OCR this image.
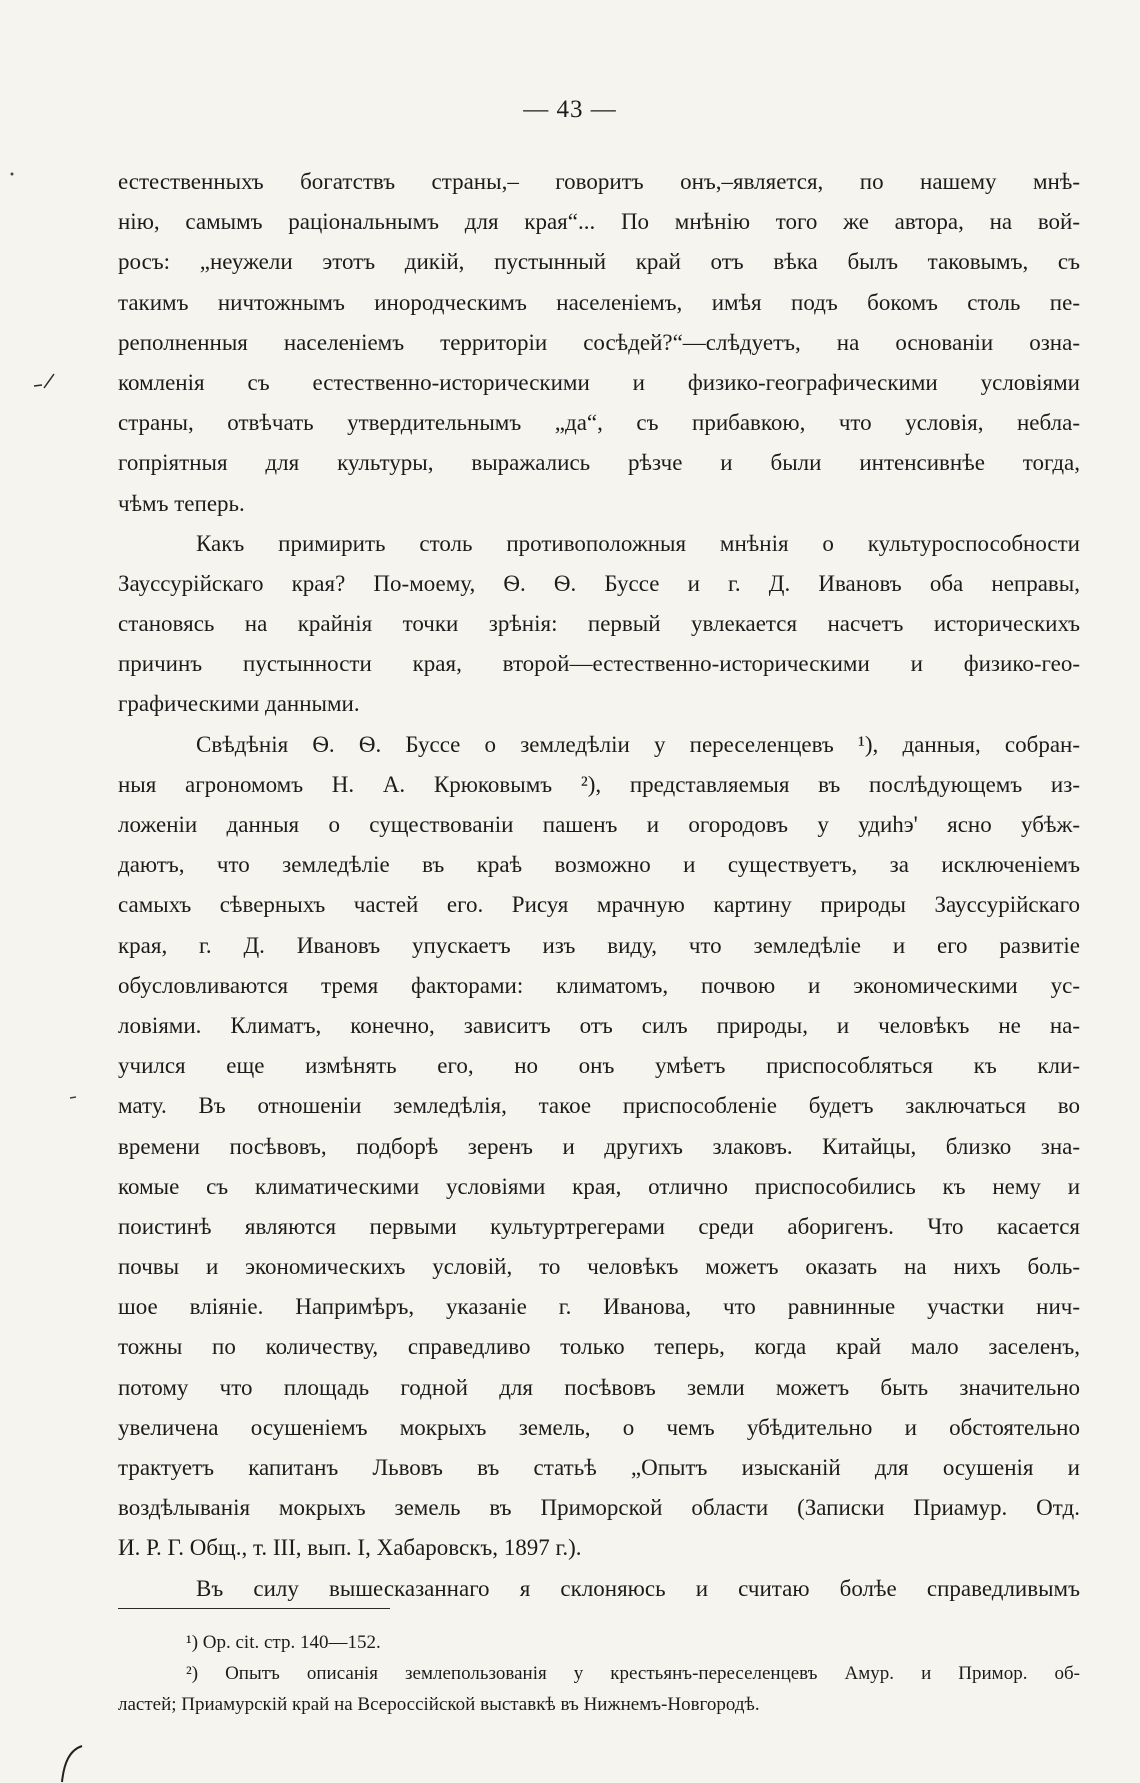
— 43 —
естественныхъ богатствъ страны,– говоритъ онъ,–является, по нашему мнѣ-
нію, самымъ раціональнымъ для края“... По мнѣнію того же автора, на вой-
росъ: „неужели этотъ дикій, пустынный край отъ вѣка былъ таковымъ, съ
такимъ ничтожнымъ инородческимъ населеніемъ, имѣя подъ бокомъ столь пе-
реполненныя населеніемъ территоріи сосѣдей?“—слѣдуетъ, на основаніи озна-
комленія съ естественно-историческими и физико-географическими условіями
страны, отвѣчать утвердительнымъ „да“, съ прибавкою, что условія, небла-
гопріятныя для культуры, выражались рѣзче и были интенсивнѣе тогда,
чѣмъ теперь.
Какъ примирить столь противоположныя мнѣнія о культуроспособности
Зауссурійскаго края? По-моему, Ѳ. Ѳ. Буссе и г. Д. Ивановъ оба неправы,
становясь на крайнія точки зрѣнія: первый увлекается насчетъ историческихъ
причинъ пустынности края, второй—естественно-историческими и физико-гео-
графическими данными.
Свѣдѣнія Ѳ. Ѳ. Буссе о земледѣліи у переселенцевъ ¹), данныя, собран-
ныя агрономомъ Н. А. Крюковымъ ²), представляемыя въ послѣдующемъ из-
ложеніи данныя о существованіи пашенъ и огородовъ у удиhэ' ясно убѣж-
даютъ, что земледѣліе въ краѣ возможно и существуетъ, за исключеніемъ
самыхъ сѣверныхъ частей его. Рисуя мрачную картину природы Зауссурійскаго
края, г. Д. Ивановъ упускаетъ изъ виду, что земледѣліе и его развитіе
обусловливаются тремя факторами: климатомъ, почвою и экономическими ус-
ловіями. Климатъ, конечно, зависитъ отъ силъ природы, и человѣкъ не на-
учился еще измѣнять его, но онъ умѣетъ приспособляться къ кли-
мату. Въ отношеніи земледѣлія, такое приспособленіе будетъ заключаться во
времени посѣвовъ, подборѣ зеренъ и другихъ злаковъ. Китайцы, близко зна-
комые съ климатическими условіями края, отлично приспособились къ нему и
поистинѣ являются первыми культуртрегерами среди аборигенъ. Что касается
почвы и экономическихъ условій, то человѣкъ можетъ оказать на нихъ боль-
шое вліяніе. Напримѣръ, указаніе г. Иванова, что равнинные участки нич-
тожны по количеству, справедливо только теперь, когда край мало заселенъ,
потому что площадь годной для посѣвовъ земли можетъ быть значительно
увеличена осушеніемъ мокрыхъ земель, о чемъ убѣдительно и обстоятельно
трактуетъ капитанъ Львовъ въ статьѣ „Опытъ изысканій для осушенія и
воздѣлыванія мокрыхъ земель въ Приморской области (Записки Приамур. Отд.
И. Р. Г. Общ., т. III, вып. I, Хабаровскъ, 1897 г.).
Въ силу вышесказаннаго я склоняюсь и считаю болѣе справедливымъ
¹) Op. cit. стр. 140—152.
²) Опытъ описанія землепользованія у крестьянъ-переселенцевъ Амур. и Примор. об-
ластей; Приамурскій край на Всероссійской выставкѣ въ Нижнемъ-Новгородѣ.
